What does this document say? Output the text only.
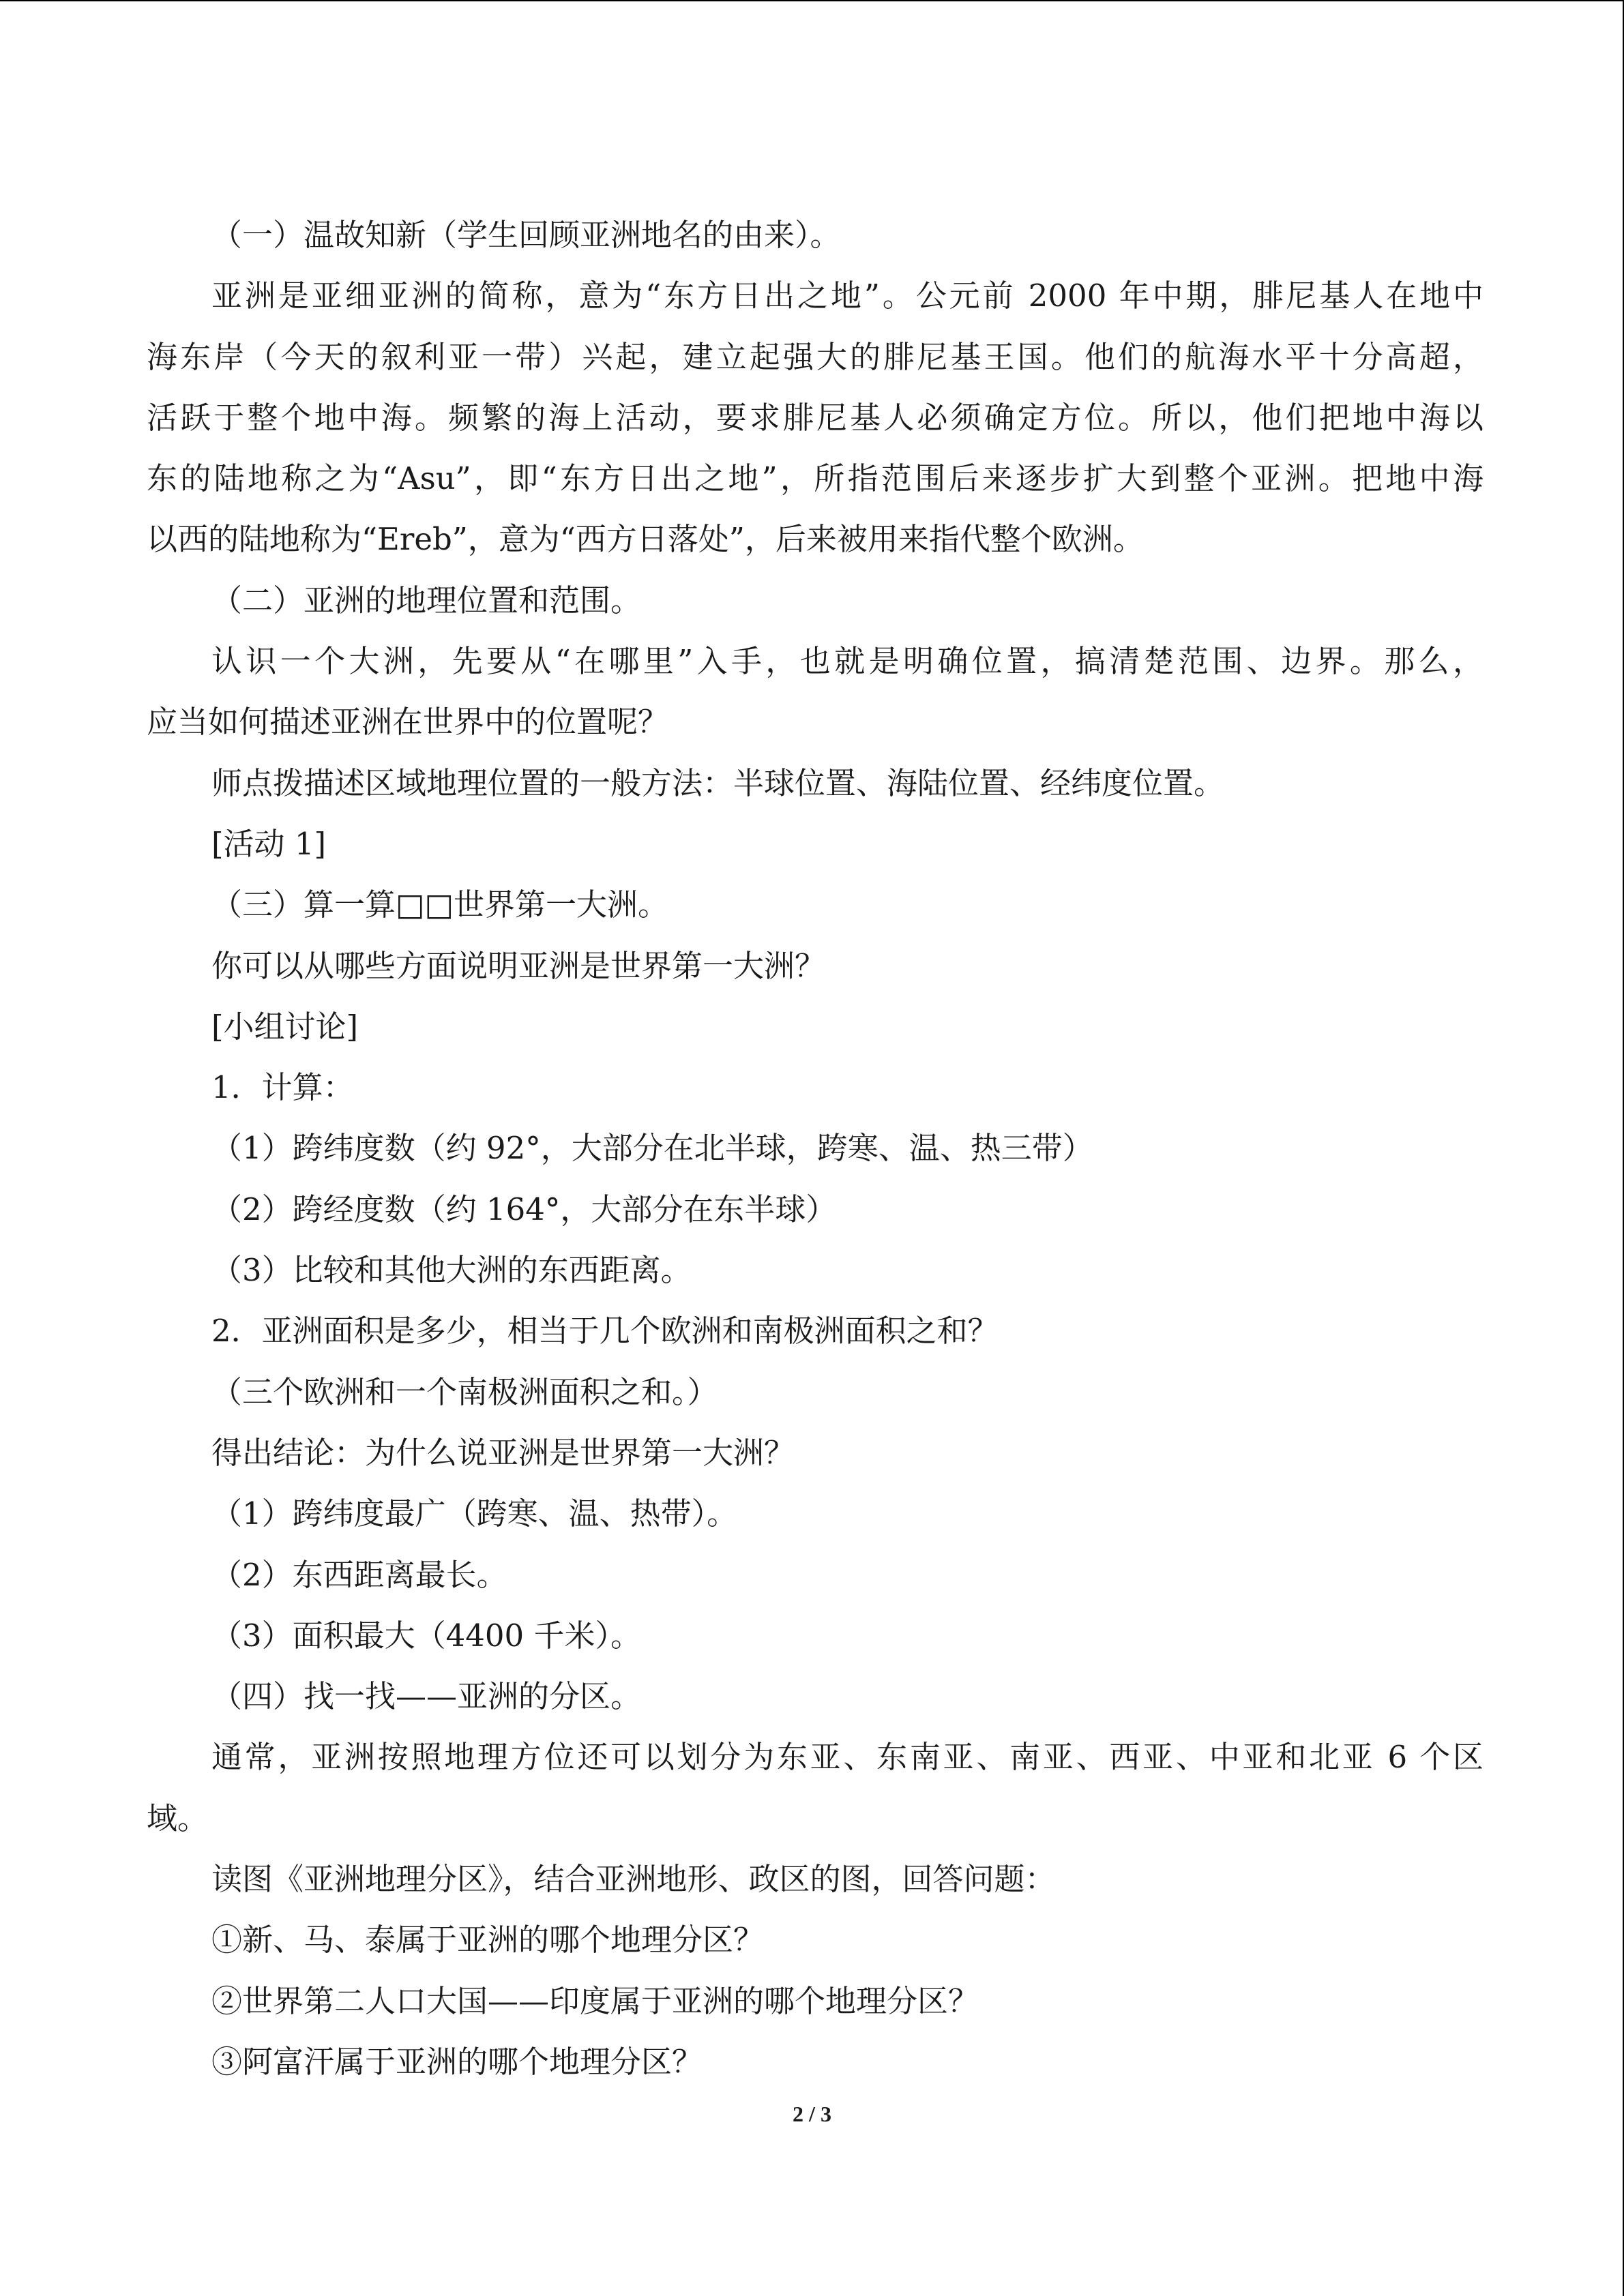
（一）温故知新（学生回顾亚洲地名的由来）。
亚洲是亚细亚洲的简称，意为“东方日出之地”。公元前 2000 年中期，腓尼基人在地中
海东岸（今天的叙利亚一带）兴起，建立起强大的腓尼基王国。他们的航海水平十分高超，
活跃于整个地中海。频繁的海上活动，要求腓尼基人必须确定方位。所以，他们把地中海以
东的陆地称之为“Asu”，即“东方日出之地”，所指范围后来逐步扩大到整个亚洲。把地中海
以西的陆地称为“Ereb”，意为“西方日落处”，后来被用来指代整个欧洲。
（二）亚洲的地理位置和范围。
认识一个大洲，先要从“在哪里”入手，也就是明确位置，搞清楚范围、边界。那么，
应当如何描述亚洲在世界中的位置呢？
师点拨描述区域地理位置的一般方法：半球位置、海陆位置、经纬度位置。
[活动 1]
（三）算一算□□世界第一大洲。
你可以从哪些方面说明亚洲是世界第一大洲？
[小组讨论]
1．计算：
（1）跨纬度数（约 92°，大部分在北半球，跨寒、温、热三带）
（2）跨经度数（约 164°，大部分在东半球）
（3）比较和其他大洲的东西距离。
2．亚洲面积是多少，相当于几个欧洲和南极洲面积之和？
（三个欧洲和一个南极洲面积之和。）
得出结论：为什么说亚洲是世界第一大洲？
（1）跨纬度最广（跨寒、温、热带）。
（2）东西距离最长。
（3）面积最大（4400 千米）。
（四）找一找——亚洲的分区。
通常，亚洲按照地理方位还可以划分为东亚、东南亚、南亚、西亚、中亚和北亚 6 个区
域。
读图《亚洲地理分区》，结合亚洲地形、政区的图，回答问题：
①新、马、泰属于亚洲的哪个地理分区？
②世界第二人口大国——印度属于亚洲的哪个地理分区？
③阿富汗属于亚洲的哪个地理分区？
2 / 3
